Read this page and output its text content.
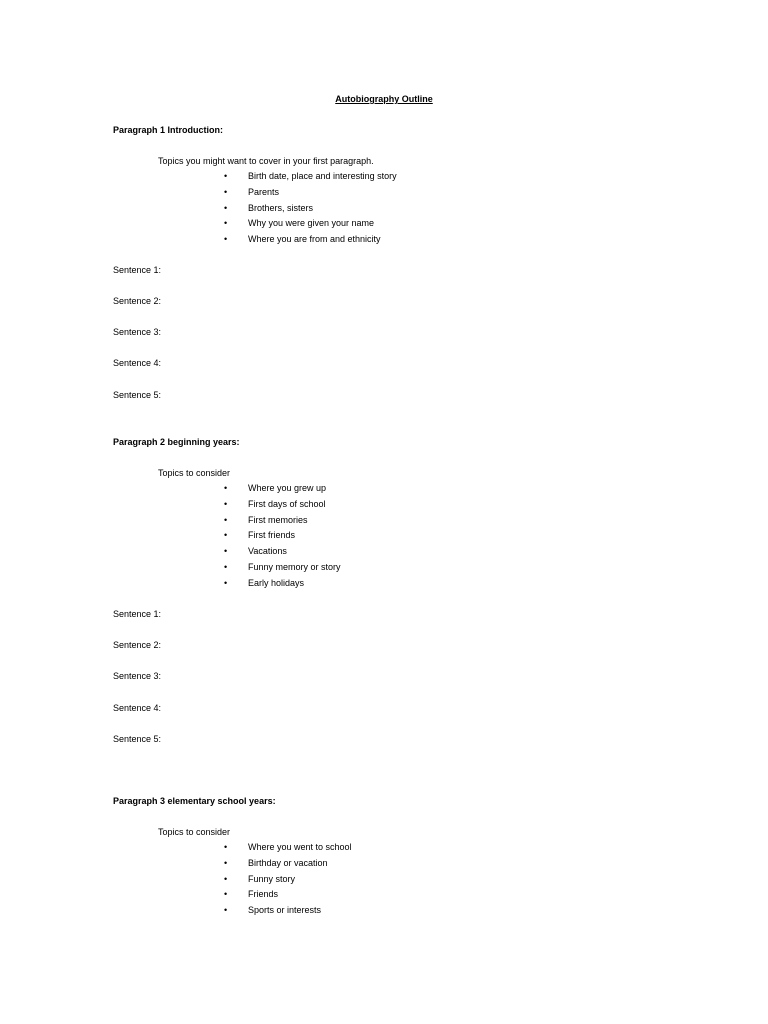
Autobiography Outline
Paragraph 1 Introduction:
Topics you might want to cover in your first paragraph.
•	Birth date, place and interesting story
•	Parents
•	Brothers, sisters
•	Why you were given your name
•	Where you are from and ethnicity
Sentence 1:
Sentence 2:
Sentence 3:
Sentence 4:
Sentence 5:
Paragraph 2 beginning years:
Topics to consider
•	Where you grew up
•	First days of school
•	First memories
•	First friends
•	Vacations
•	Funny memory or story
•	Early holidays
Sentence 1:
Sentence 2:
Sentence 3:
Sentence 4:
Sentence 5:
Paragraph 3 elementary school years:
Topics to consider
•	Where you went to school
•	Birthday or vacation
•	Funny story
•	Friends
•	Sports or interests
